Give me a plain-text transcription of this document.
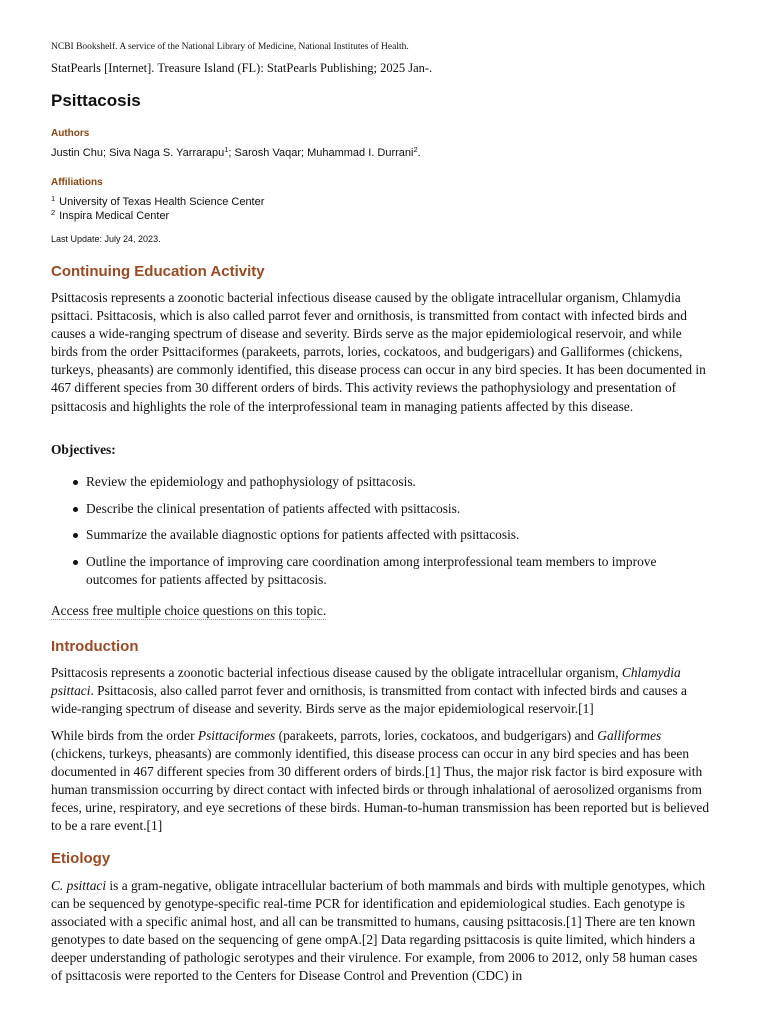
NCBI Bookshelf. A service of the National Library of Medicine, National Institutes of Health.
StatPearls [Internet]. Treasure Island (FL): StatPearls Publishing; 2025 Jan-.
Psittacosis
Authors
Justin Chu; Siva Naga S. Yarrarapu$^1$; Sarosh Vaqar; Muhammad I. Durrani$^2$.
Affiliations
$^1$ University of Texas Health Science Center
$^2$ Inspira Medical Center
Last Update: July 24, 2023.
Continuing Education Activity

Psittacosis represents a zoonotic bacterial infectious disease caused by the obligate intracellular organism, Chlamydia psittaci. Psittacosis, which is also called parrot fever and ornithosis, is transmitted from contact with infected birds and causes a wide-ranging spectrum of disease and severity. Birds serve as the major epidemiological reservoir, and while birds from the order Psittaciformes (parakeets, parrots, lories, cockatoos, and budgerigars) and Galliformes (chickens, turkeys, pheasants) are commonly identified, this disease process can occur in any bird species. It has been documented in 467 different species from 30 different orders of birds. This activity reviews the pathophysiology and presentation of psittacosis and highlights the role of the interprofessional team in managing patients affected by this disease.

Objectives:
Review the epidemiology and pathophysiology of psittacosis.
Describe the clinical presentation of patients affected with psittacosis.
Summarize the available diagnostic options for patients affected with psittacosis.
Outline the importance of improving care coordination among interprofessional team members to improve outcomes for patients affected by psittacosis.
Access free multiple choice questions on this topic.
Introduction

Psittacosis represents a zoonotic bacterial infectious disease caused by the obligate intracellular organism, Chlamydia psittaci. Psittacosis, also called parrot fever and ornithosis, is transmitted from contact with infected birds and causes a wide-ranging spectrum of disease and severity. Birds serve as the major epidemiological reservoir.[1]

While birds from the order Psittaciformes (parakeets, parrots, lories, cockatoos, and budgerigars) and Galliformes (chickens, turkeys, pheasants) are commonly identified, this disease process can occur in any bird species and has been documented in 467 different species from 30 different orders of birds.[1] Thus, the major risk factor is bird exposure with human transmission occurring by direct contact with infected birds or through inhalational of aerosolized organisms from feces, urine, respiratory, and eye secretions of these birds. Human-to-human transmission has been reported but is believed to be a rare event.[1]

Etiology

C. psittaci is a gram-negative, obligate intracellular bacterium of both mammals and birds with multiple genotypes, which can be sequenced by genotype-specific real-time PCR for identification and epidemiological studies. Each genotype is associated with a specific animal host, and all can be transmitted to humans, causing psittacosis.[1] There are ten known genotypes to date based on the sequencing of gene ompA.[2] Data regarding psittacosis is quite limited, which hinders a deeper understanding of pathologic serotypes and their virulence. For example, from 2006 to 2012, only 58 human cases of psittacosis were reported to the Centers for Disease Control and Prevention (CDC) in
